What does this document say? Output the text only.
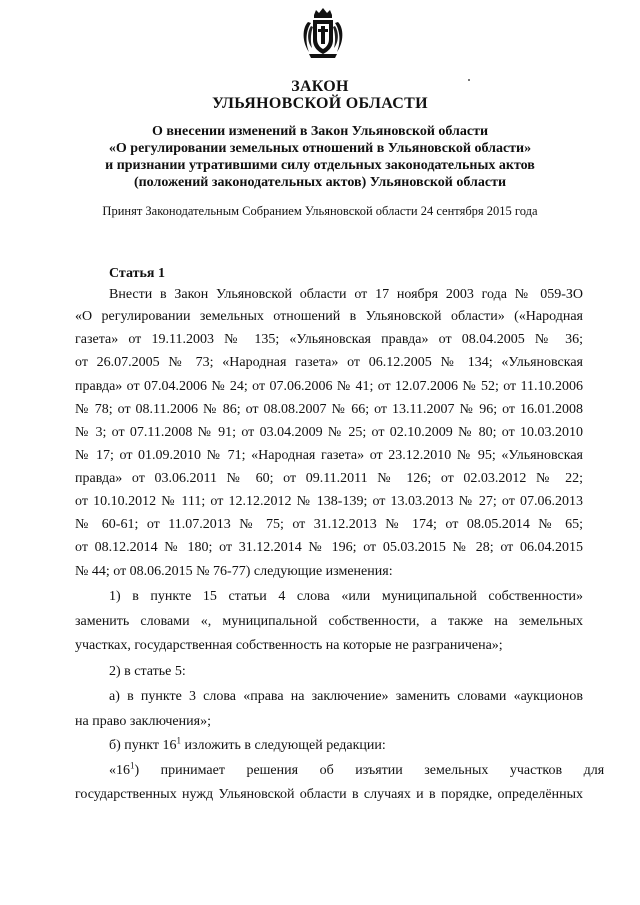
ЗАКОН
УЛЬЯНОВСКОЙ ОБЛАСТИ
О внесении изменений в Закон Ульяновской области
«О регулировании земельных отношений в Ульяновской области»
и признании утратившими силу отдельных законодательных актов
(положений законодательных актов) Ульяновской области
Принят Законодательным Собранием Ульяновской области 24 сентября 2015 года
Статья 1
Внести в Закон Ульяновской области от 17 ноября 2003 года № 059-ЗО
«О регулировании земельных отношений в Ульяновской области» («Народная
газета» от 19.11.2003 № 135; «Ульяновская правда» от 08.04.2005 № 36;
от 26.07.2005 № 73; «Народная газета» от 06.12.2005 № 134; «Ульяновская
правда» от 07.04.2006 № 24; от 07.06.2006 № 41; от 12.07.2006 № 52; от 11.10.2006
№ 78; от 08.11.2006 № 86; от 08.08.2007 № 66; от 13.11.2007 № 96; от 16.01.2008
№ 3; от 07.11.2008 № 91; от 03.04.2009 № 25; от 02.10.2009 № 80; от 10.03.2010
№ 17; от 01.09.2010 № 71; «Народная газета» от 23.12.2010 № 95; «Ульяновская
правда» от 03.06.2011 № 60; от 09.11.2011 № 126; от 02.03.2012 № 22;
от 10.10.2012 № 111; от 12.12.2012 № 138-139; от 13.03.2013 № 27; от 07.06.2013
№ 60-61; от 11.07.2013 № 75; от 31.12.2013 № 174; от 08.05.2014 № 65;
от 08.12.2014 № 180; от 31.12.2014 № 196; от 05.03.2015 № 28; от 06.04.2015
№ 44; от 08.06.2015 № 76-77) следующие изменения:
1) в пункте 15 статьи 4 слова «или муниципальной собственности»
заменить словами «, муниципальной собственности, а также на земельных
участках, государственная собственность на которые не разграничена»;
2) в статье 5:
а) в пункте 3 слова «права на заключение» заменить словами «аукционов
на право заключения»;
б) пункт $16^1$ изложить в следующей редакции:
«$16^1$) принимает решения об изъятии земельных участков для
государственных нужд Ульяновской области в случаях и в порядке, определённых
